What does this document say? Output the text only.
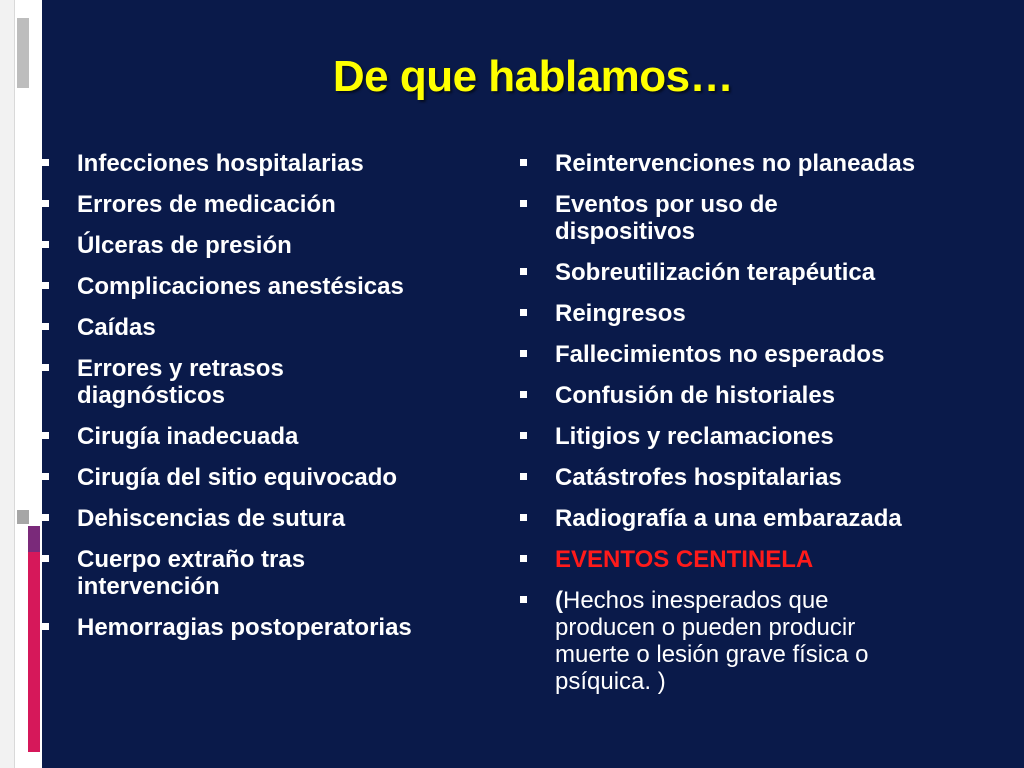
De que hablamos…
Infecciones hospitalarias
Errores de medicación
Úlceras de presión
Complicaciones anestésicas
Caídas
Errores y retrasos diagnósticos
Cirugía inadecuada
Cirugía del sitio equivocado
Dehiscencias de sutura
Cuerpo extraño tras intervención
Hemorragias postoperatorias
Reintervenciones no planeadas
Eventos por uso de dispositivos
Sobreutilización terapéutica
Reingresos
Fallecimientos no esperados
Confusión de historiales
Litigios y reclamaciones
Catástrofes hospitalarias
Radiografía a una embarazada
EVENTOS CENTINELA
(Hechos inesperados que producen o pueden producir muerte o lesión grave física o psíquica. )
